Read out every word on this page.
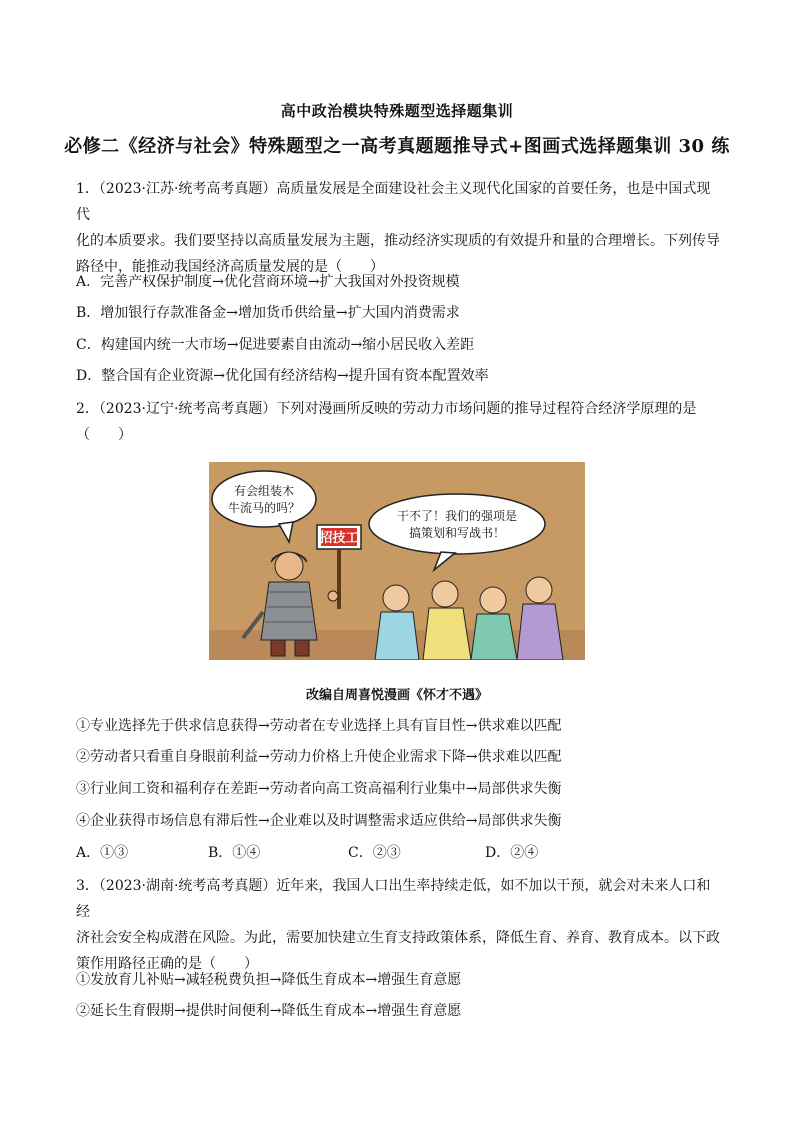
高中政治模块特殊题型选择题集训
必修二《经济与社会》特殊题型之一高考真题题推导式+图画式选择题集训 30 练
1．（2023·江苏·统考高考真题）高质量发展是全面建设社会主义现代化国家的首要任务，也是中国式现代
化的本质要求。我们要坚持以高质量发展为主题，推动经济实现质的有效提升和量的合理增长。下列传导
路径中，能推动我国经济高质量发展的是（　　）
A．完善产权保护制度→优化营商环境→扩大我国对外投资规模
B．增加银行存款准备金→增加货币供给量→扩大国内消费需求
C．构建国内统一大市场→促进要素自由流动→缩小居民收入差距
D．整合国有企业资源→优化国有经济结构→提升国有资本配置效率
2．（2023·辽宁·统考高考真题）下列对漫画所反映的劳动力市场问题的推导过程符合经济学原理的是
（　　）
有会组装木
牛流马的吗？
干不了！我们的强项是
搞策划和写战书！
招技工
改编自周喜悦漫画《怀才不遇》
①专业选择先于供求信息获得→劳动者在专业选择上具有盲目性→供求难以匹配
②劳动者只看重自身眼前利益→劳动力价格上升使企业需求下降→供求难以匹配
③行业间工资和福利存在差距→劳动者向高工资高福利行业集中→局部供求失衡
④企业获得市场信息有滞后性→企业难以及时调整需求适应供给→局部供求失衡
A．①③	B．①④	C．②③	D．②④
3．（2023·湖南·统考高考真题）近年来，我国人口出生率持续走低，如不加以干预，就会对未来人口和经
济社会安全构成潜在风险。为此，需要加快建立生育支持政策体系，降低生育、养育、教育成本。以下政
策作用路径正确的是（　　）
①发放育儿补贴→减轻税费负担→降低生育成本→增强生育意愿
②延长生育假期→提供时间便利→降低生育成本→增强生育意愿
